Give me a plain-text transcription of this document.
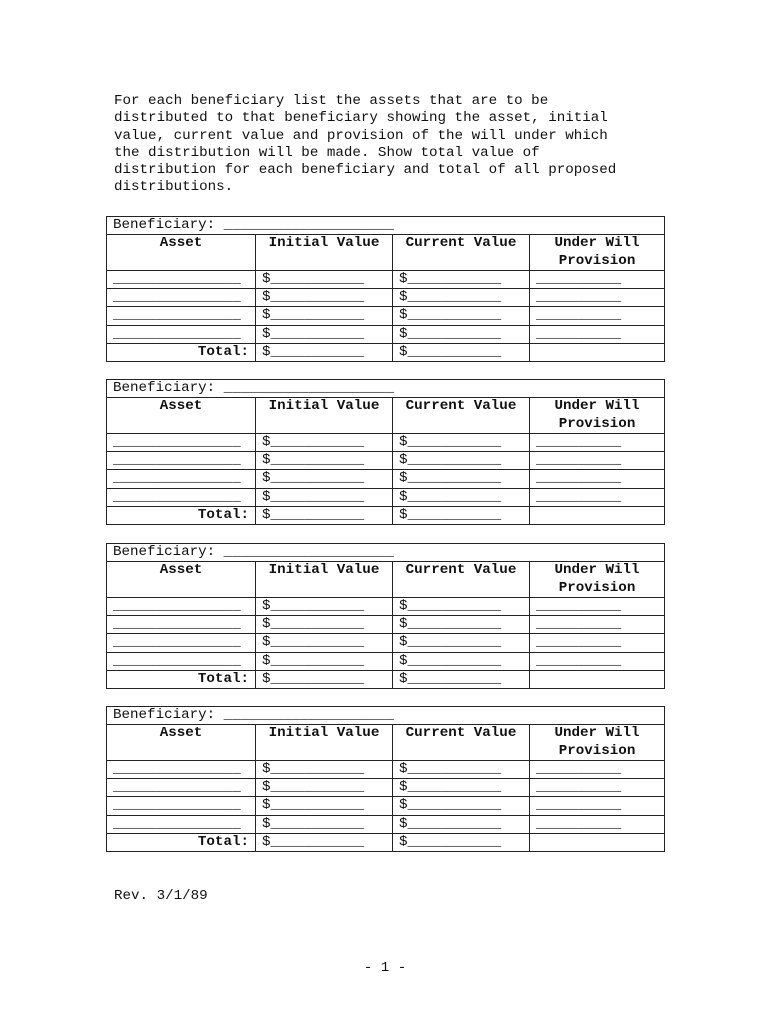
For each beneficiary list the assets that are to be
distributed to that beneficiary showing the asset, initial
value, current value and provision of the will under which
the distribution will be made. Show total value of
distribution for each beneficiary and total of all proposed
distributions.

Beneficiary: ____________________			
Asset	Initial Value	Current Value	Under Will Provision
_______________	$___________	$___________	__________
_______________	$___________	$___________	__________
_______________	$___________	$___________	__________
_______________	$___________	$___________	__________
Total:	$___________	$___________	
Beneficiary: ____________________			
Asset	Initial Value	Current Value	Under Will Provision
_______________	$___________	$___________	__________
_______________	$___________	$___________	__________
_______________	$___________	$___________	__________
_______________	$___________	$___________	__________
Total:	$___________	$___________	
Beneficiary: ____________________			
Asset	Initial Value	Current Value	Under Will Provision
_______________	$___________	$___________	__________
_______________	$___________	$___________	__________
_______________	$___________	$___________	__________
_______________	$___________	$___________	__________
Total:	$___________	$___________	
Beneficiary: ____________________			
Asset	Initial Value	Current Value	Under Will Provision
_______________	$___________	$___________	__________
_______________	$___________	$___________	__________
_______________	$___________	$___________	__________
_______________	$___________	$___________	__________
Total:	$___________	$___________	

Rev. 3/1/89

- 1 -
